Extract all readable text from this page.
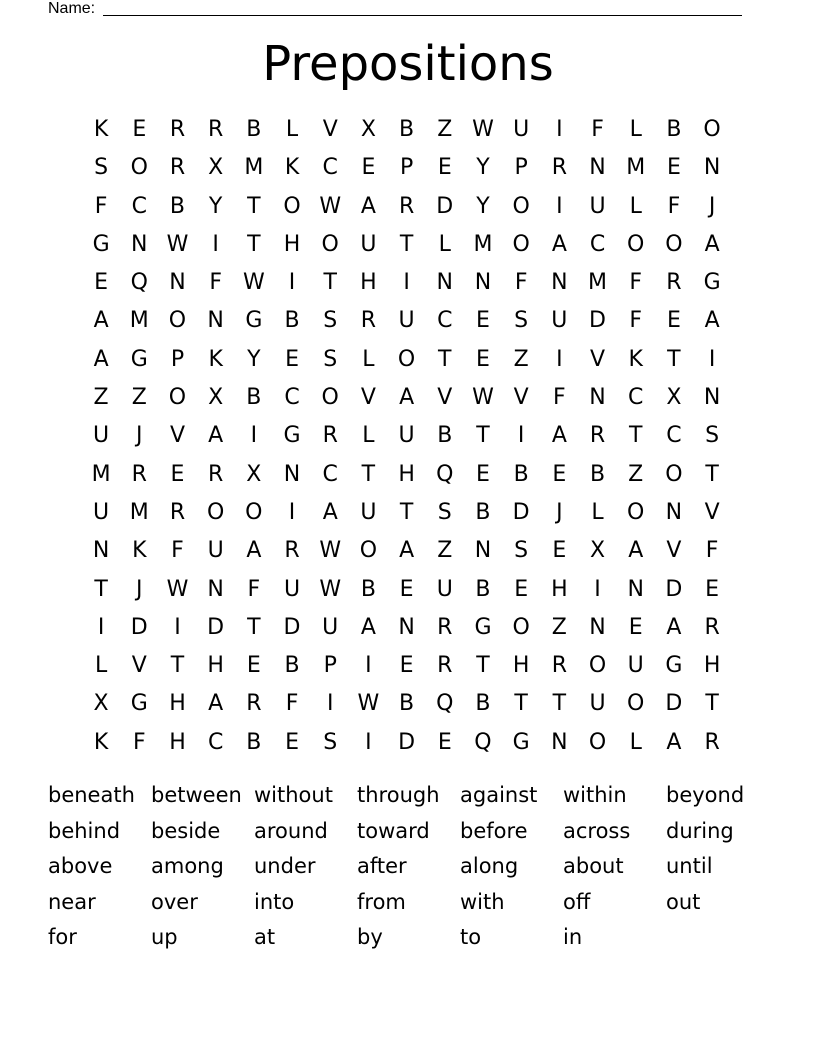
Name:
Prepositions
K	E	R	R	B	L	V	X	B	Z W U	I	F	L	B O
S	O R	X M K	C	E	P	E	Y	P	R	N M E	N
F	C	B	Y	T	O W A	R	D	Y	O	I	U	L	F	J
G N W	I	T	H O U	T	L	M O	A	C O O	A
E	Q N	F W	I	T	H	I	N N	F	N M	F	R	G
A M O N G	B	S	R	U	C	E	S	U D	F	E	A
A	G	P	K	Y	E	S	L	O	T	E	Z	I	V	K	T	I
Z	Z O X	B	C O	V	A	V W V	F	N	C	X	N
U	J	V	A	I	G	R	L	U	B	T	I	A	R	T	C	S
M R	E	R	X	N	C	T	H Q	E	B	E	B	Z O	T
U M R O O	I	A	U	T	S	B	D	J	L	O N	V
N	K	F	U	A	R W O	A	Z	N	S	E	X	A	V	F
T	J	W N	F	U W B	E	U	B	E	H	I	N D	E
I	D	I	D	T	D U	A	N	R	G O Z	N	E	A	R
L	V	T	H	E	B	P	I	E	R	T	H	R O U G H
X	G H	A	R	F	I	W B Q B	T	T	U O D	T
K	F	H	C	B	E	S	I	D	E	Q G N O	L	A	R
beneath between without	through against	within	beyond
behind	beside	around	toward	before	across	during
above	among	under	after	along	about	until
near	over	into	from	with	off	out
for	up	at	by	to	in
